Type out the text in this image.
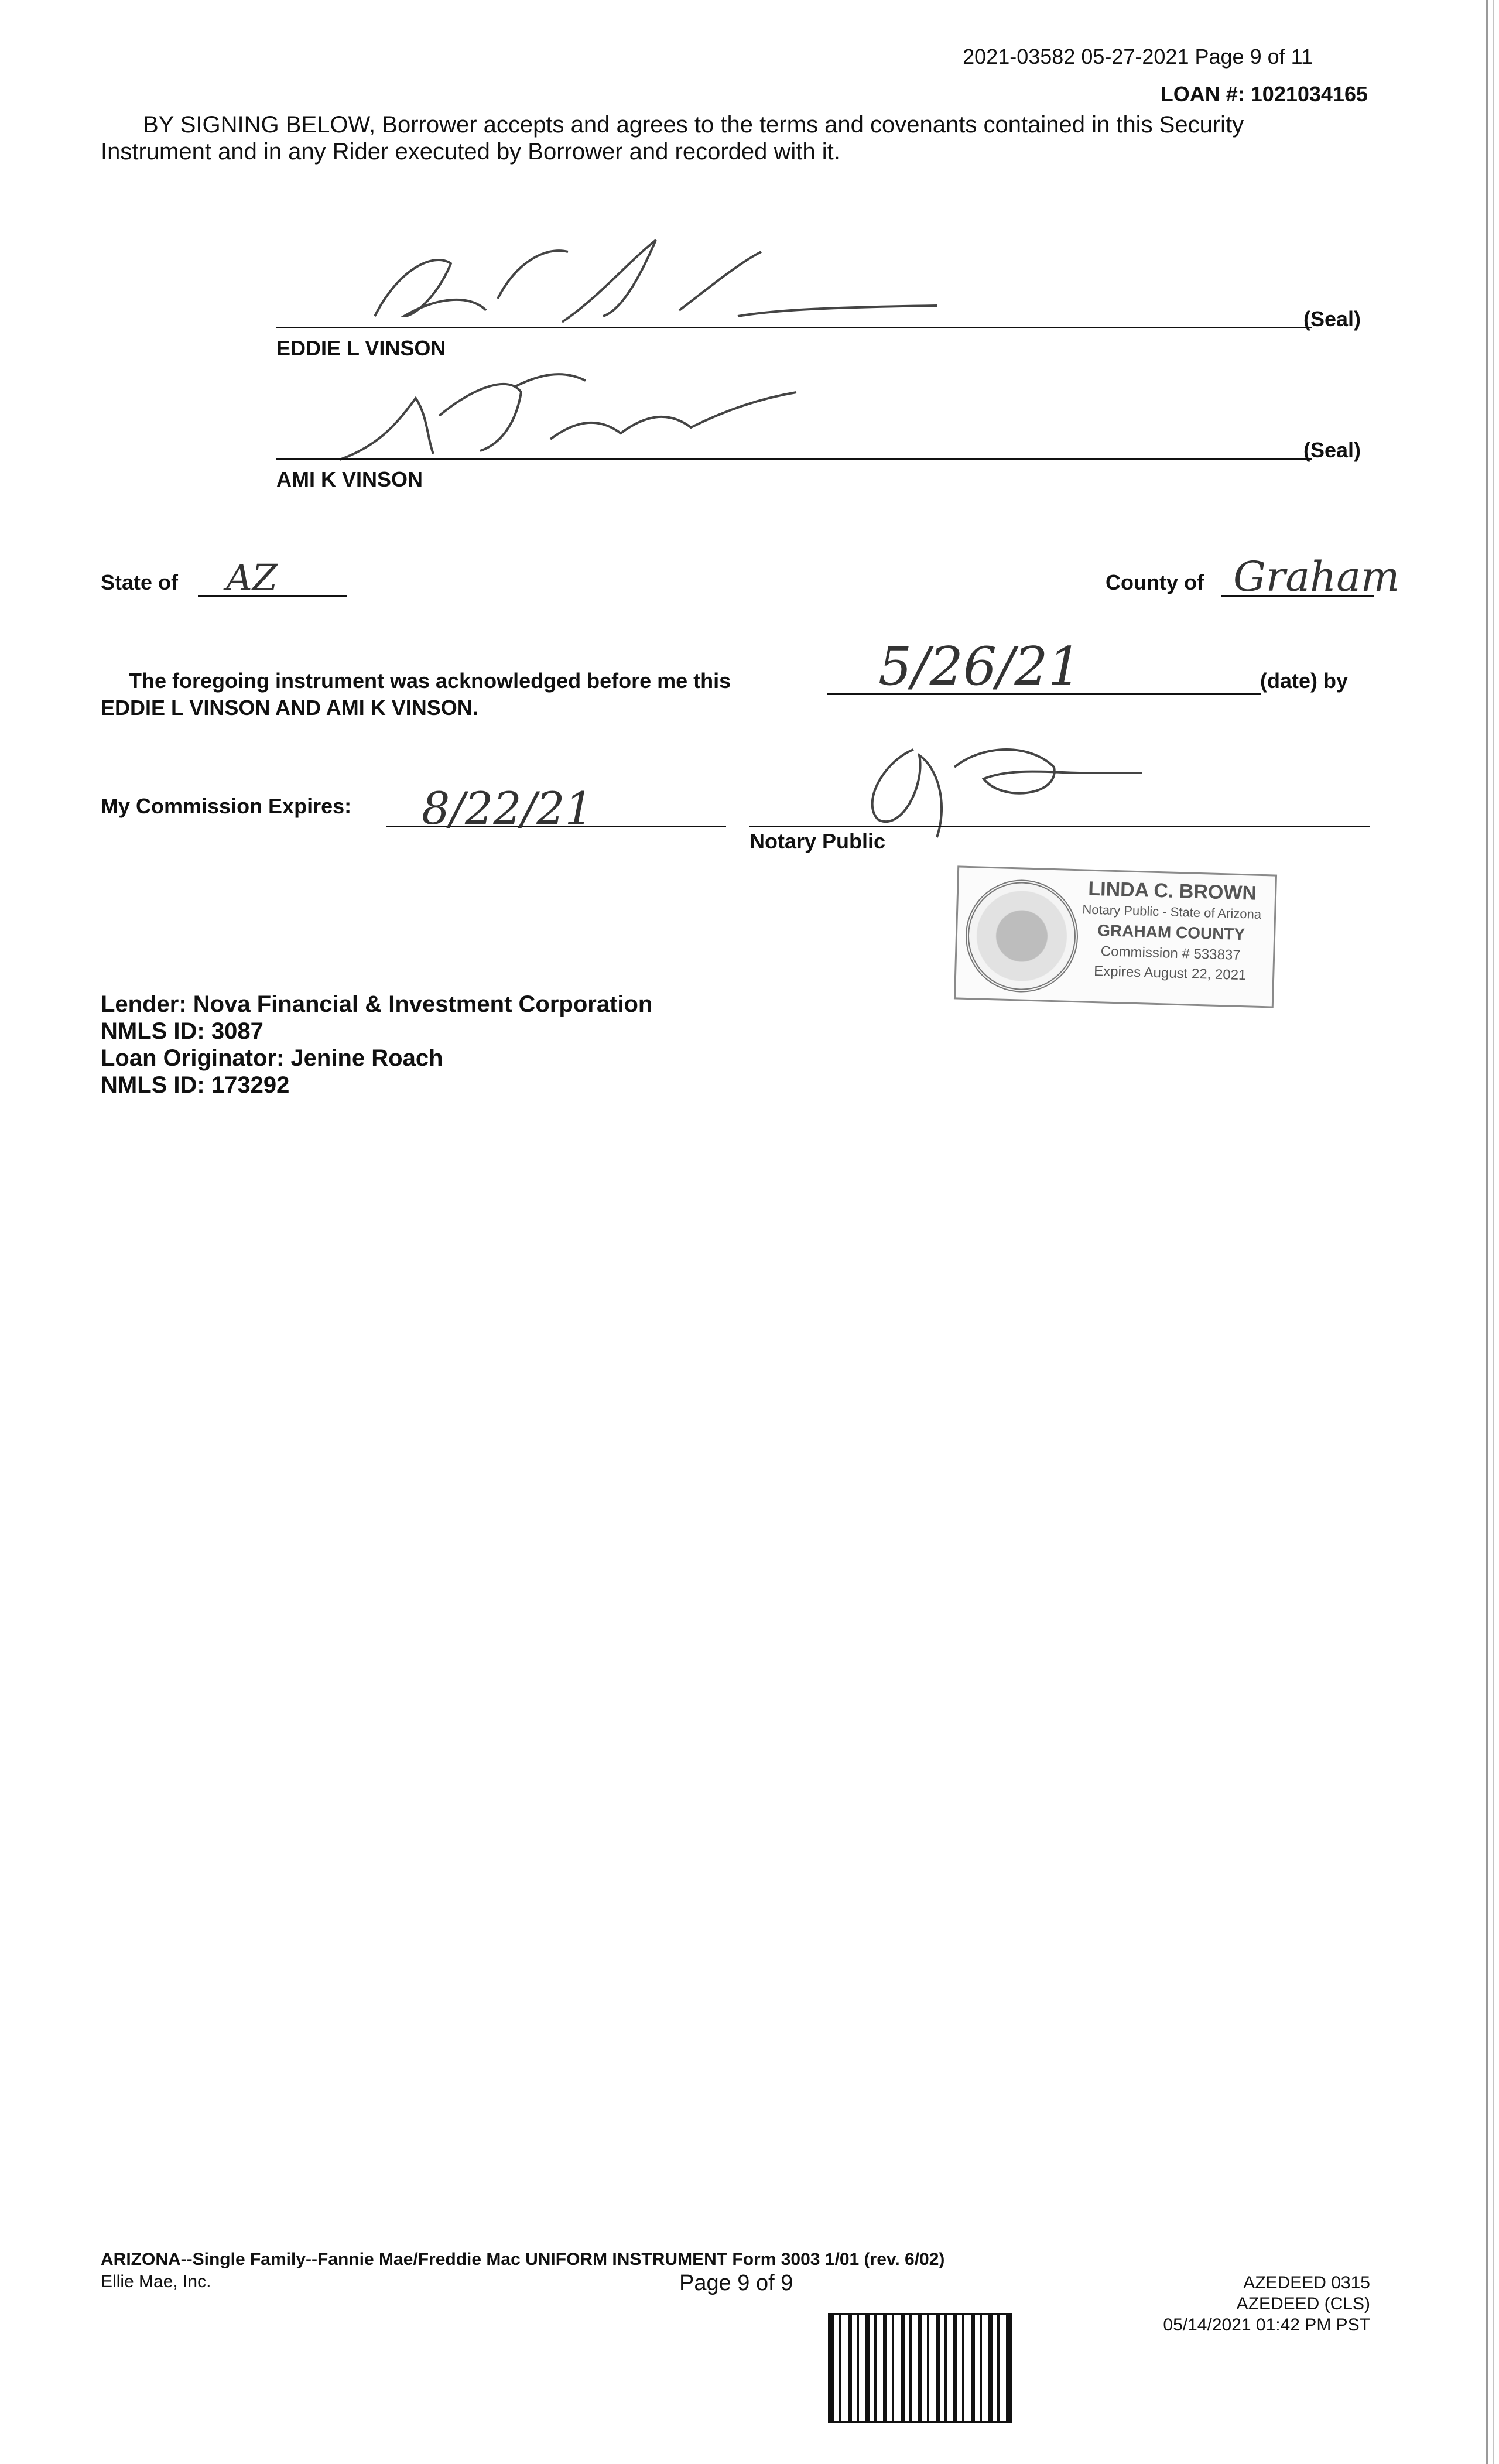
2021-03582 05-27-2021 Page 9 of 11
LOAN #: 1021034165
BY SIGNING BELOW, Borrower accepts and agrees to the terms and covenants contained in this Security
Instrument and in any Rider executed by Borrower and recorded with it.
EDDIE L VINSON
(Seal)
AMI K VINSON
(Seal)
State of AZ	County of Graham
The foregoing instrument was acknowledged before me this	5/26/21	(date) by
EDDIE L VINSON AND AMI K VINSON.
My Commission Expires: 8/22/21
Notary Public
LINDA C. BROWN
Notary Public - State of Arizona
GRAHAM COUNTY
Commission # 533837
Expires August 22, 2021
Lender: Nova Financial & Investment Corporation
NMLS ID: 3087
Loan Originator: Jenine Roach
NMLS ID: 173292
ARIZONA--Single Family--Fannie Mae/Freddie Mac UNIFORM INSTRUMENT Form 3003 1/01 (rev. 6/02)
Ellie Mae, Inc.	Page 9 of 9	AZEDEED 0315
AZEDEED (CLS)
05/14/2021 01:42 PM PST
